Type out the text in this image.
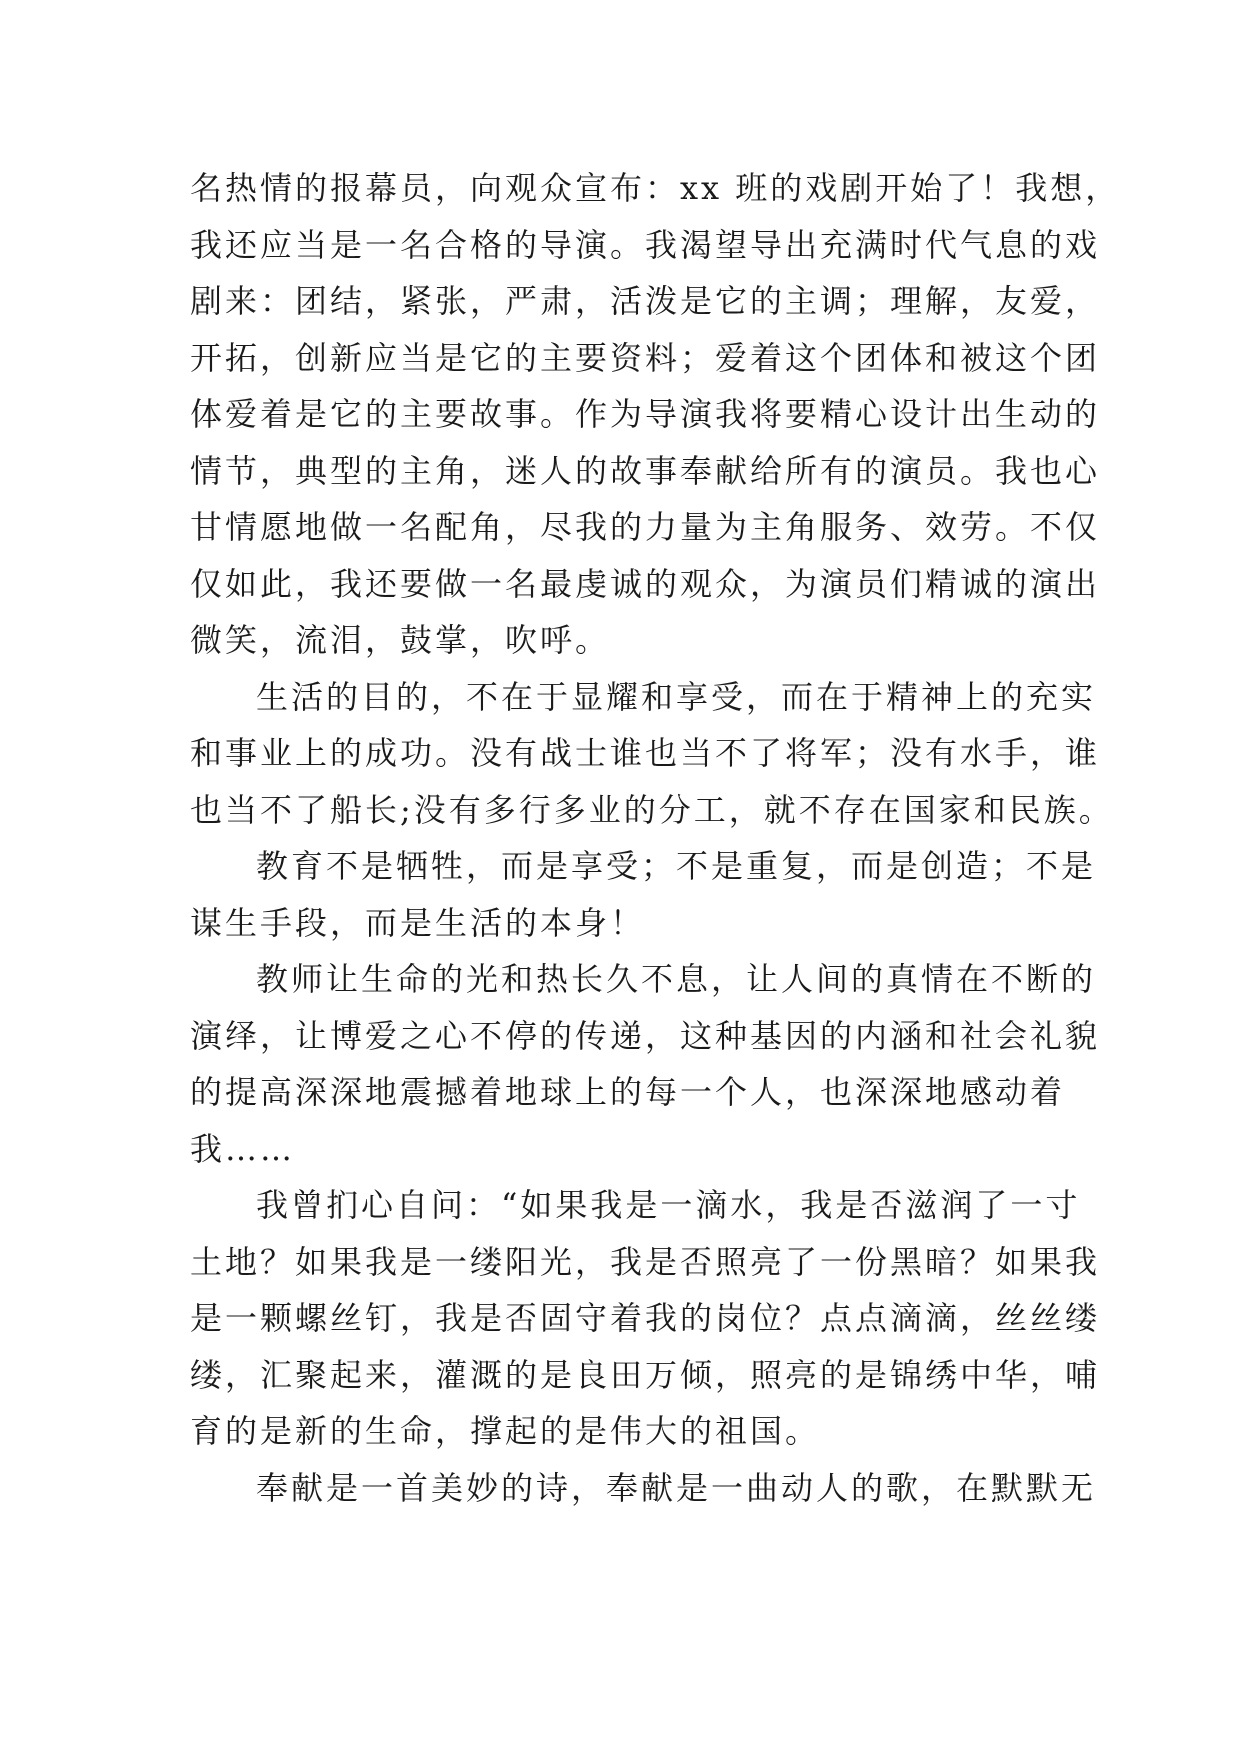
名热情的报幕员，向观众宣布：xx 班的戏剧开始了！我想，
我还应当是一名合格的导演。我渴望导出充满时代气息的戏
剧来：团结，紧张，严肃，活泼是它的主调；理解，友爱，
开拓，创新应当是它的主要资料；爱着这个团体和被这个团
体爱着是它的主要故事。作为导演我将要精心设计出生动的
情节，典型的主角，迷人的故事奉献给所有的演员。我也心
甘情愿地做一名配角，尽我的力量为主角服务、效劳。不仅
仅如此，我还要做一名最虔诚的观众，为演员们精诚的演出
微笑，流泪，鼓掌，吹呼。
生活的目的，不在于显耀和享受，而在于精神上的充实
和事业上的成功。没有战士谁也当不了将军；没有水手，谁
也当不了船长;没有多行多业的分工，就不存在国家和民族。
教育不是牺牲，而是享受；不是重复，而是创造；不是
谋生手段，而是生活的本身！
教师让生命的光和热长久不息，让人间的真情在不断的
演绎，让博爱之心不停的传递，这种基因的内涵和社会礼貌
的提高深深地震撼着地球上的每一个人，也深深地感动着
我……
我曾扪心自问：“如果我是一滴水，我是否滋润了一寸
土地？如果我是一缕阳光，我是否照亮了一份黑暗？如果我
是一颗螺丝钉，我是否固守着我的岗位？点点滴滴，丝丝缕
缕，汇聚起来，灌溉的是良田万倾，照亮的是锦绣中华，哺
育的是新的生命，撑起的是伟大的祖国。
奉献是一首美妙的诗，奉献是一曲动人的歌，在默默无
